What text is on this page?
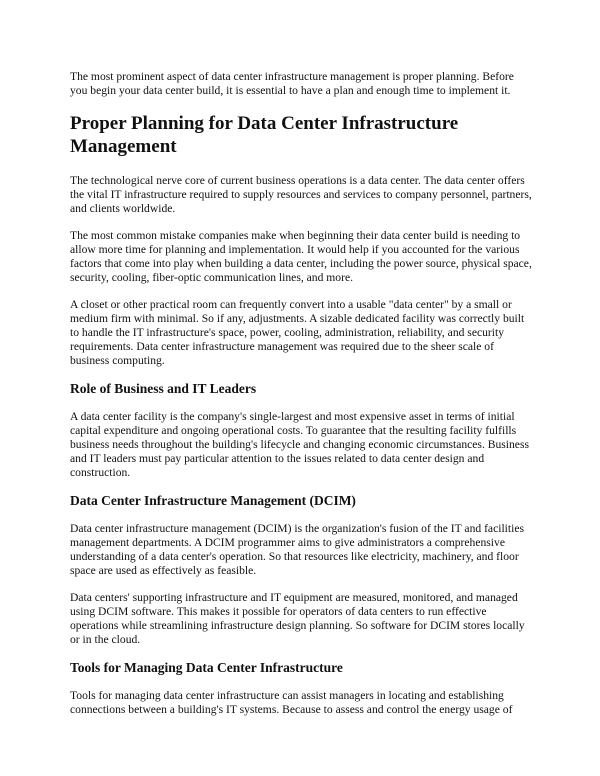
The most prominent aspect of data center infrastructure management is proper planning. Before you begin your data center build, it is essential to have a plan and enough time to implement it.

Proper Planning for Data Center Infrastructure Management

The technological nerve core of current business operations is a data center. The data center offers the vital IT infrastructure required to supply resources and services to company personnel, partners, and clients worldwide.

The most common mistake companies make when beginning their data center build is needing to allow more time for planning and implementation. It would help if you accounted for the various factors that come into play when building a data center, including the power source, physical space, security, cooling, fiber-optic communication lines, and more.

A closet or other practical room can frequently convert into a usable "data center" by a small or medium firm with minimal. So if any, adjustments. A sizable dedicated facility was correctly built to handle the IT infrastructure's space, power, cooling, administration, reliability, and security requirements. Data center infrastructure management was required due to the sheer scale of business computing.

Role of Business and IT Leaders

A data center facility is the company's single-largest and most expensive asset in terms of initial capital expenditure and ongoing operational costs. To guarantee that the resulting facility fulfills business needs throughout the building's lifecycle and changing economic circumstances. Business and IT leaders must pay particular attention to the issues related to data center design and construction.

Data Center Infrastructure Management (DCIM)

Data center infrastructure management (DCIM) is the organization's fusion of the IT and facilities management departments. A DCIM programmer aims to give administrators a comprehensive understanding of a data center's operation. So that resources like electricity, machinery, and floor space are used as effectively as feasible.

Data centers' supporting infrastructure and IT equipment are measured, monitored, and managed using DCIM software. This makes it possible for operators of data centers to run effective operations while streamlining infrastructure design planning. So software for DCIM stores locally or in the cloud.

Tools for Managing Data Center Infrastructure

Tools for managing data center infrastructure can assist managers in locating and establishing connections between a building's IT systems. Because to assess and control the energy usage of
